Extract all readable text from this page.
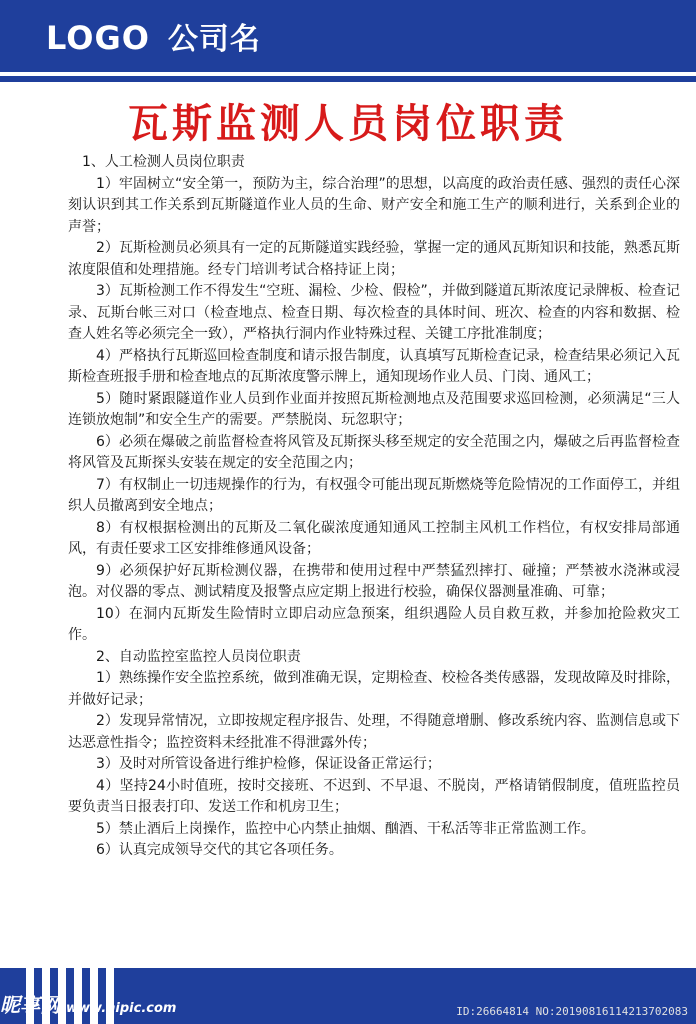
LOGO 公司名
瓦斯监测人员岗位职责

1、人工检测人员岗位职责

1）牢固树立“安全第一，预防为主，综合治理”的思想，以高度的政治责任感、强烈的责任心深刻认识到其工作关系到瓦斯隧道作业人员的生命、财产安全和施工生产的顺利进行，关系到企业的声誉；

2）瓦斯检测员必须具有一定的瓦斯隧道实践经验，掌握一定的通风瓦斯知识和技能，熟悉瓦斯浓度限值和处理措施。经专门培训考试合格持证上岗；

3）瓦斯检测工作不得发生“空班、漏检、少检、假检”，并做到隧道瓦斯浓度记录牌板、检查记录、瓦斯台帐三对口（检查地点、检查日期、每次检查的具体时间、班次、检查的内容和数据、检查人姓名等必须完全一致），严格执行洞内作业特殊过程、关键工序批准制度；

4）严格执行瓦斯巡回检查制度和请示报告制度，认真填写瓦斯检查记录，检查结果必须记入瓦斯检查班报手册和检查地点的瓦斯浓度警示牌上，通知现场作业人员、门岗、通风工；

5）随时紧跟隧道作业人员到作业面并按照瓦斯检测地点及范围要求巡回检测，必须满足“三人连锁放炮制”和安全生产的需要。严禁脱岗、玩忽职守；

6）必须在爆破之前监督检查将风管及瓦斯探头移至规定的安全范围之内，爆破之后再监督检查将风管及瓦斯探头安装在规定的安全范围之内；

7）有权制止一切违规操作的行为，有权强令可能出现瓦斯燃烧等危险情况的工作面停工，并组织人员撤离到安全地点；

8）有权根据检测出的瓦斯及二氧化碳浓度通知通风工控制主风机工作档位，有权安排局部通风，有责任要求工区安排维修通风设备；

9）必须保护好瓦斯检测仪器，在携带和使用过程中严禁猛烈摔打、碰撞；严禁被水浇淋或浸泡。对仪器的零点、测试精度及报警点应定期上报进行校验，确保仪器测量准确、可靠；

10）在洞内瓦斯发生险情时立即启动应急预案，组织遇险人员自救互救，并参加抢险救灾工作。

2、自动监控室监控人员岗位职责

1）熟练操作安全监控系统，做到准确无误，定期检查、校检各类传感器，发现故障及时排除，并做好记录；

2）发现异常情况，立即按规定程序报告、处理，不得随意增删、修改系统内容、监测信息或下达恶意性指令；监控资料未经批准不得泄露外传；

3）及时对所管设备进行维护检修，保证设备正常运行；

4）坚持24小时值班，按时交接班、不迟到、不早退、不脱岗，严格请销假制度，值班监控员要负责当日报表打印、发送工作和机房卫生；

5）禁止酒后上岗操作，监控中心内禁止抽烟、酗酒、干私活等非正常监测工作。

6）认真完成领导交代的其它各项任务。

昵享网 www.nipic.com	ID:26664814 NO:20190816114213702083
